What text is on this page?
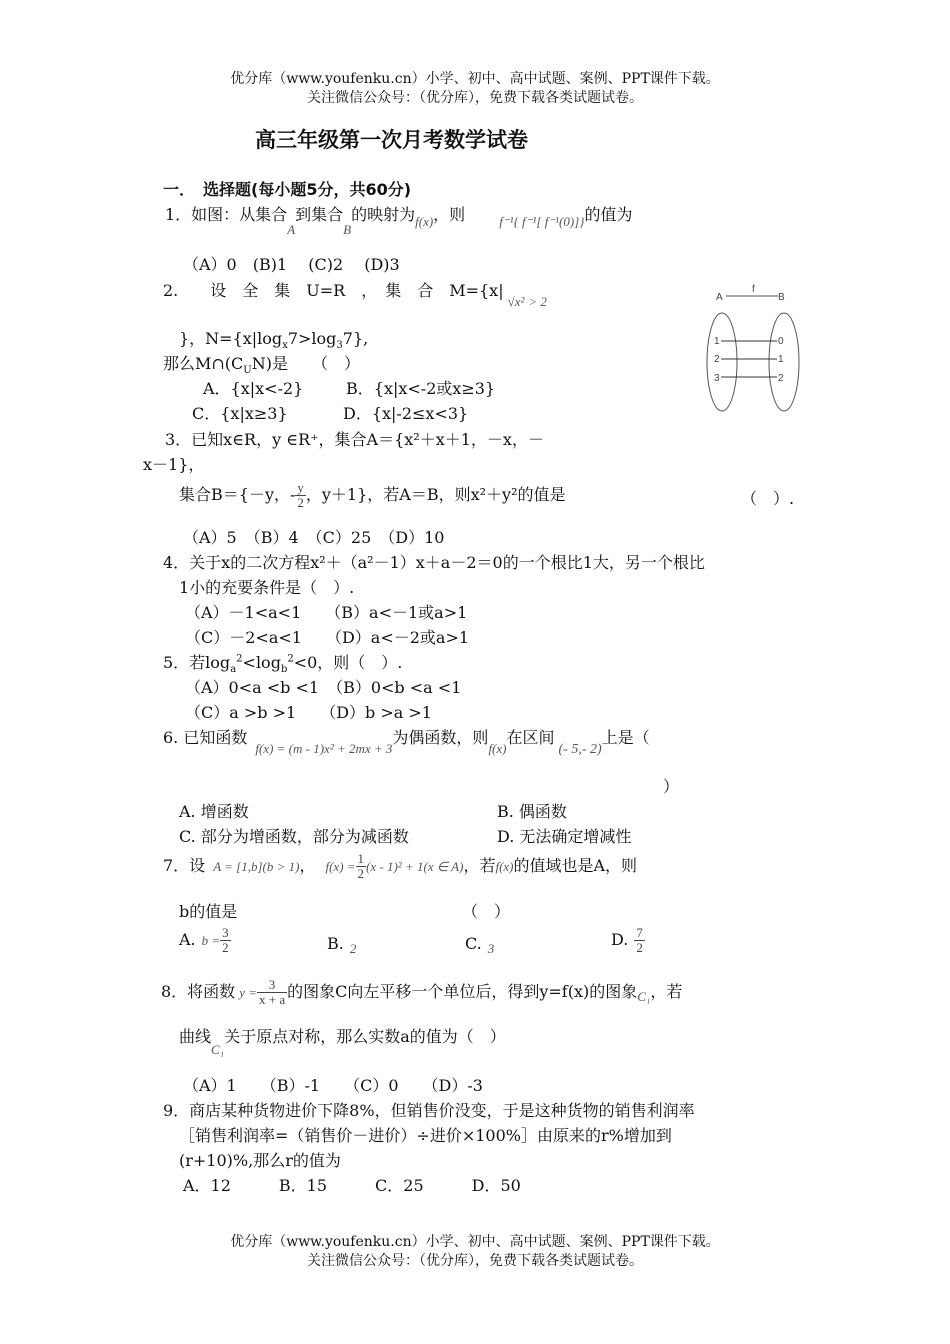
优分库（www.youfenku.cn）小学、初中、高中试题、案例、PPT课件下载。
关注微信公众号：（优分库），免费下载各类试题试卷。
高三年级第一次月考数学试卷
一．　选择题(每小题5分，共60分)
1．如图：从集合$_A$到集合$_B$的映射为$_{f(x)}$，则	$_{f^{-1}\{ f^{-1}[ f^{-1}(0)]\}}$的值为
（A）0　(B)1　 (C)2　 (D)3
2.　　设　全　集　U=R　，　集　合　$M=\{x|_{√x^2}$ $_{> 2}$
}，$N=\{x|\log_x7>\log_37\}$,
那么$M\cap(C_UN)$是　　（　）
A．{x|x<-2}	B．{x|x<-2或x≥3}
C．{x|x≥3}	D．{x|-2≤x<3}
A
f
B
1
2
3
0
1
2
3．已知x∈R，y ∈R⁺，集合A＝{x²＋x＋1，－x，－
x－1}，
集合B＝{－y，- $\frac{y}{2}$ ，y＋1}，若A＝B，则x²＋y²的值是	（　）.
（A）5　（B）4　（C）25　（D）10
4．关于x的二次方程x²＋（a²－1）x＋a－2＝0的一个根比1大，另一个根比
1小的充要条件是（　）.
（A）－1<a<1　　（B）a<－1或a>1
（C）－2<a<1　　（D）a<－2或a>1
5．若$\log_a^2<\log_b^2<0$，则（　）.
（A）0<a <b <1　（B）0<b <a <1
（C）a >b >1　　（D）b >a >1
6. 已知函数$_{f(x) = (m - 1)x^2 + 2mx + 3}$为偶函数，则$_{f(x)}$在区间(- 5,- 2)上是（
）
A. 增函数	B. 偶函数
C. 部分为增函数，部分为减函数	D. 无法确定增减性
7．设 A = [1,b](b > 1)， $f(x) = \frac{1}{2} (x - 1)^2 + 1(x$ ∈ A)，若f(x)的值域也是A，则
b的值是	（　）
A. $b = \frac{3}{2}$	B. $_2$	C. $_3$	D. $\frac{7}{2}$
8．将函数 $y = \frac{3}{x + a}$ 的图象C向左平移一个单位后，得到y=f(x)的图象$_{C_1}$，若
曲线$_{C_1}$关于原点对称，那么实数a的值为（　）
（A）1　　（B）-1　　（C）0　　（D）-3
9．商店某种货物进价下降8%，但销售价没变，于是这种货物的销售利润率
［销售利润率=（销售价－进价）÷进价×100%］由原来的r%增加到
(r+10)%,那么r的值为
A．12　　　B．15　　　C．25　　　D．50
优分库（www.youfenku.cn）小学、初中、高中试题、案例、PPT课件下载。
关注微信公众号：（优分库），免费下载各类试题试卷。
